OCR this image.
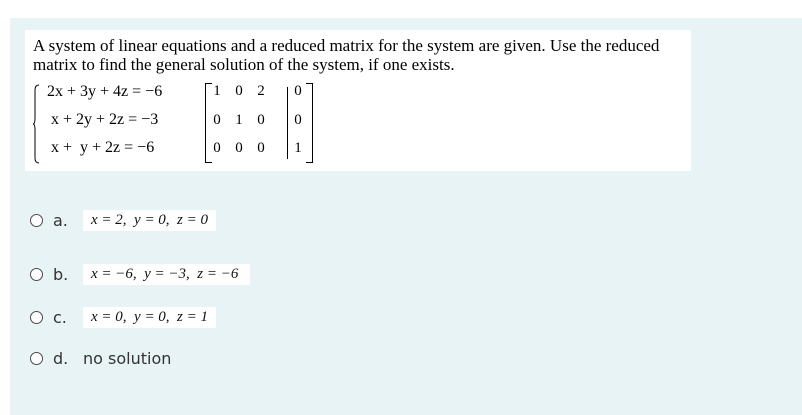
A system of linear equations and a reduced matrix for the system are given. Use the reduced matrix to find the general solution of the system, if one exists.
2x + 3y + 4z = −6
x + 2y + 2z = −3
x +  y + 2z = −6
1 0 2 0
0 1 0 0
0 0 0 1
a.	x = 2,  y = 0,  z = 0
b.	x = −6,  y = −3,  z = −6
c.	x = 0,  y = 0,  z = 1
d. no solution
